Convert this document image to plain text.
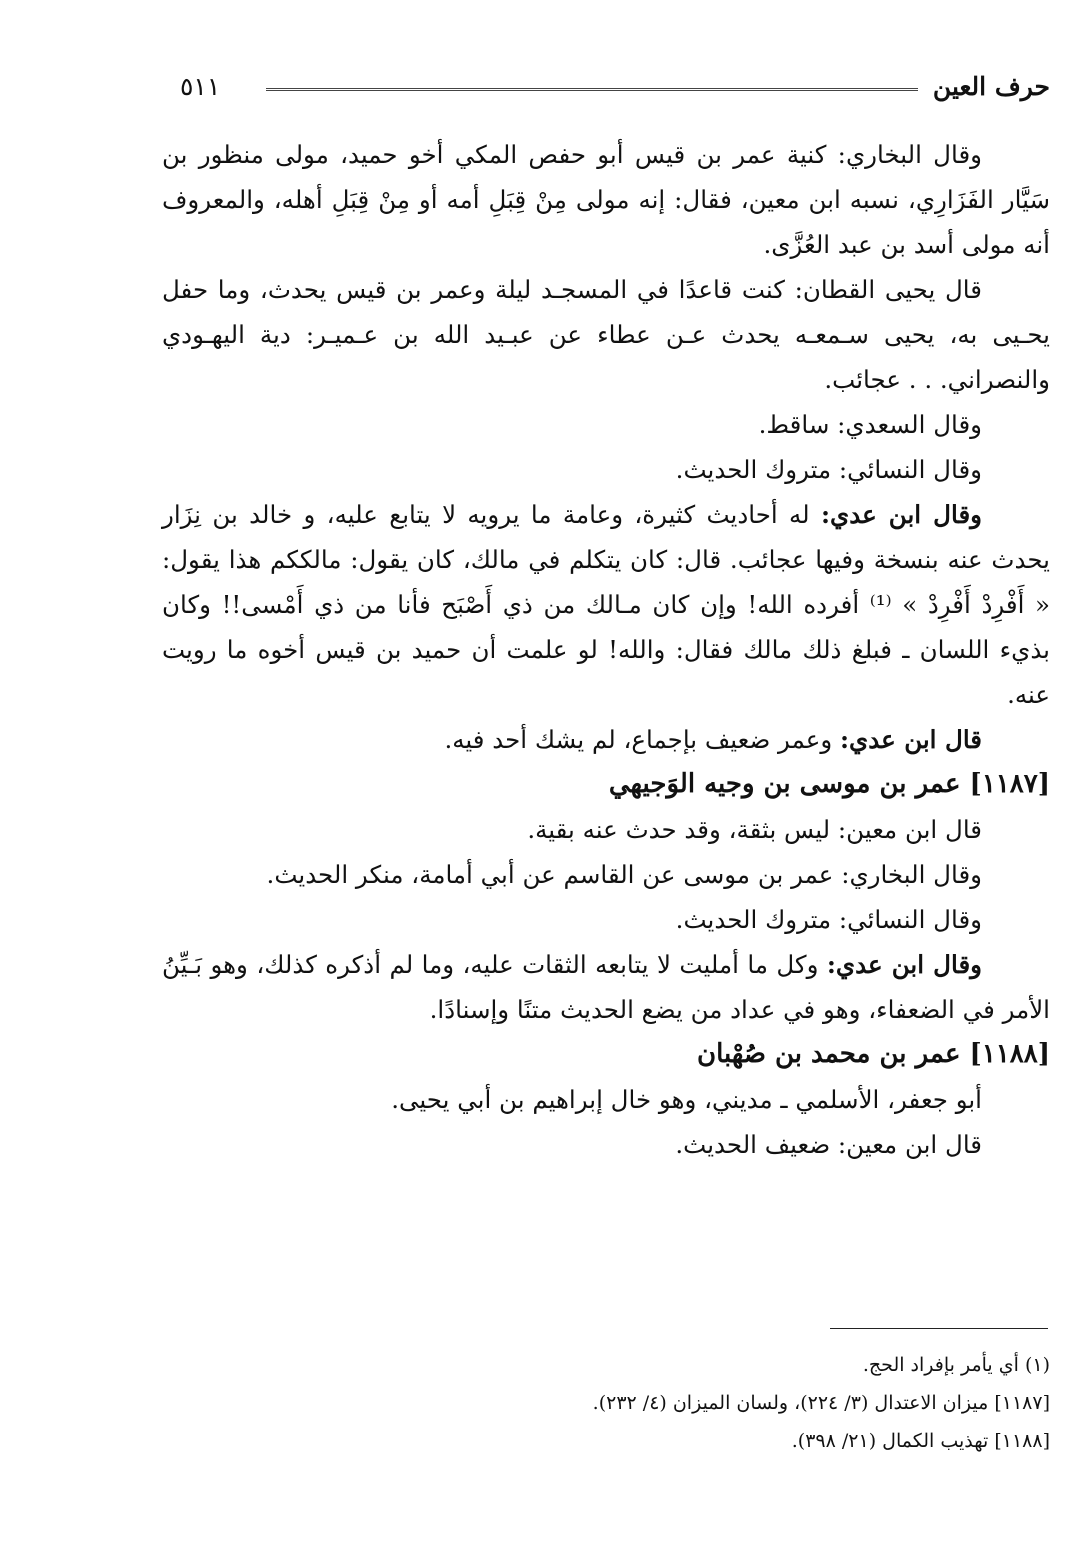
حرف العين
٥١١

وقال البخاري: كنية عمر بن قيس أبو حفص المكي أخو حميد، مولى منظور بن سَيَّار الفَزَارِي، نسبه ابن معين، فقال: إنه مولى مِنْ قِبَلِ أمه أو مِنْ قِبَلِ أهله، والمعروف أنه مولى أسد بن عبد العُزَّى.

قال يحيى القطان: كنت قاعدًا في المسجـد ليلة وعمر بن قيس يحدث، وما حفل يحـيى به، يحيى سـمعـه يحدث عـن عطاء عن عبـيد الله بن عـميـر: دية اليهـودي والنصراني. . . عجائب.

وقال السعدي: ساقط.

وقال النسائي: متروك الحديث.

وقال ابن عدي: له أحاديث كثيرة، وعامة ما يرويه لا يتابع عليه، و خالد بن نِزَار يحدث عنه بنسخة وفيها عجائب. قال: كان يتكلم في مالك، كان يقول: مالككم هذا يقول: « أَفْرِدْ أَفْرِدْ » ⁽¹⁾ أفرده الله! وإن كان مـالك من ذي أَصْبَح فأنا من ذي أَمْسى!! وكان بذيء اللسان ـ فبلغ ذلك مالك فقال: والله! لو علمت أن حميد بن قيس أخوه ما رويت عنه.

قال ابن عدي: وعمر ضعيف بإجماع، لم يشك أحد فيه.

[١١٨٧] عمر بن موسى بن وجيه الوَجيهي

قال ابن معين: ليس بثقة، وقد حدث عنه بقية.

وقال البخاري: عمر بن موسى عن القاسم عن أبي أمامة، منكر الحديث.

وقال النسائي: متروك الحديث.

وقال ابن عدي: وكل ما أمليت لا يتابعه الثقات عليه، وما لم أذكره كذلك، وهو بَـيِّنُ الأمر في الضعفاء، وهو في عداد من يضع الحديث متنًا وإسنادًا.

[١١٨٨] عمر بن محمد بن صُهْبان

أبو جعفر، الأسلمي ـ مديني، وهو خال إبراهيم بن أبي يحيى.

قال ابن معين: ضعيف الحديث.

(١) أي يأمر بإفراد الحج.

[١١٨٧] ميزان الاعتدال (٣/ ٢٢٤)، ولسان الميزان (٤/ ٢٣٢).

[١١٨٨] تهذيب الكمال (٢١/ ٣٩٨).
